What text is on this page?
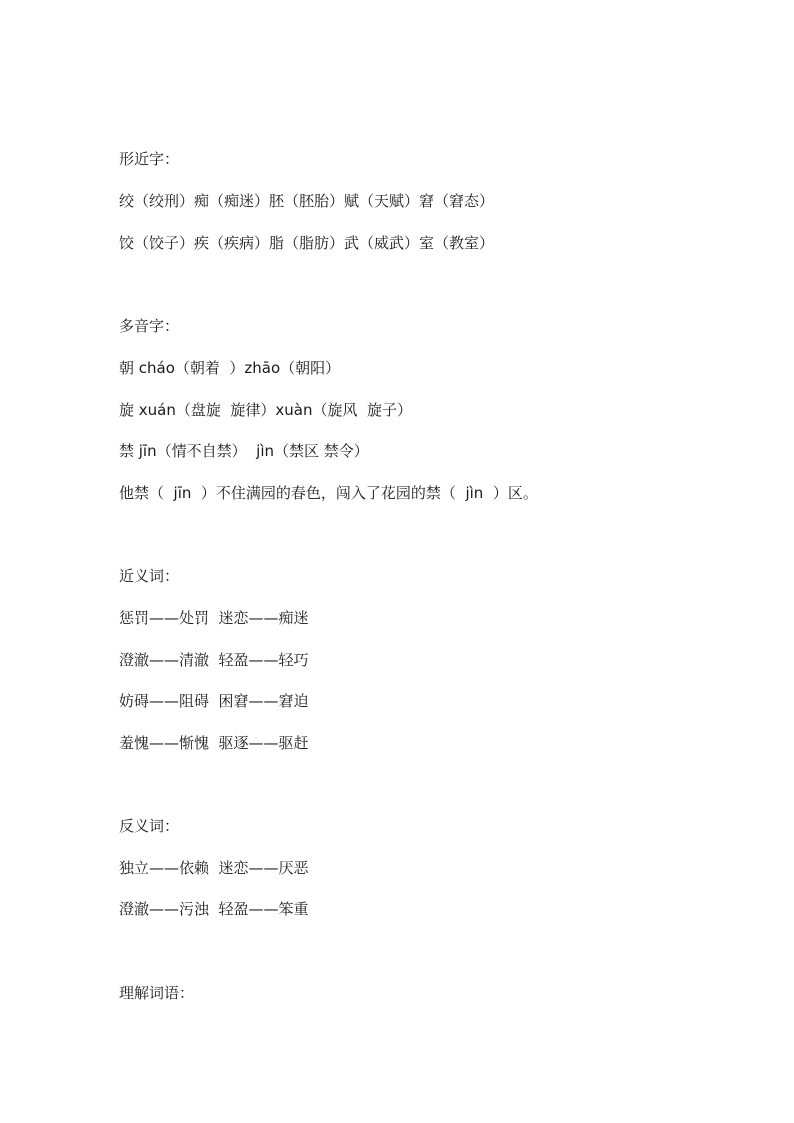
形近字：
绞（绞刑）痴（痴迷）胚（胚胎）赋（天赋）窘（窘态）
饺（饺子）疾（疾病）脂（脂肪）武（威武）室（教室）
多音字：
朝 cháo（朝着  ）zhāo（朝阳）
旋 xuán（盘旋  旋律）xuàn（旋风  旋子）
禁 jīn（情不自禁）  jìn（禁区 禁令）
他禁（  jīn  ）不住满园的春色，闯入了花园的禁（  jìn  ）区。
近义词：
惩罚——处罚  迷恋——痴迷
澄澈——清澈  轻盈——轻巧
妨碍——阻碍  困窘——窘迫
羞愧——惭愧  驱逐——驱赶
反义词：
独立——依赖  迷恋——厌恶
澄澈——污浊  轻盈——笨重
理解词语：
